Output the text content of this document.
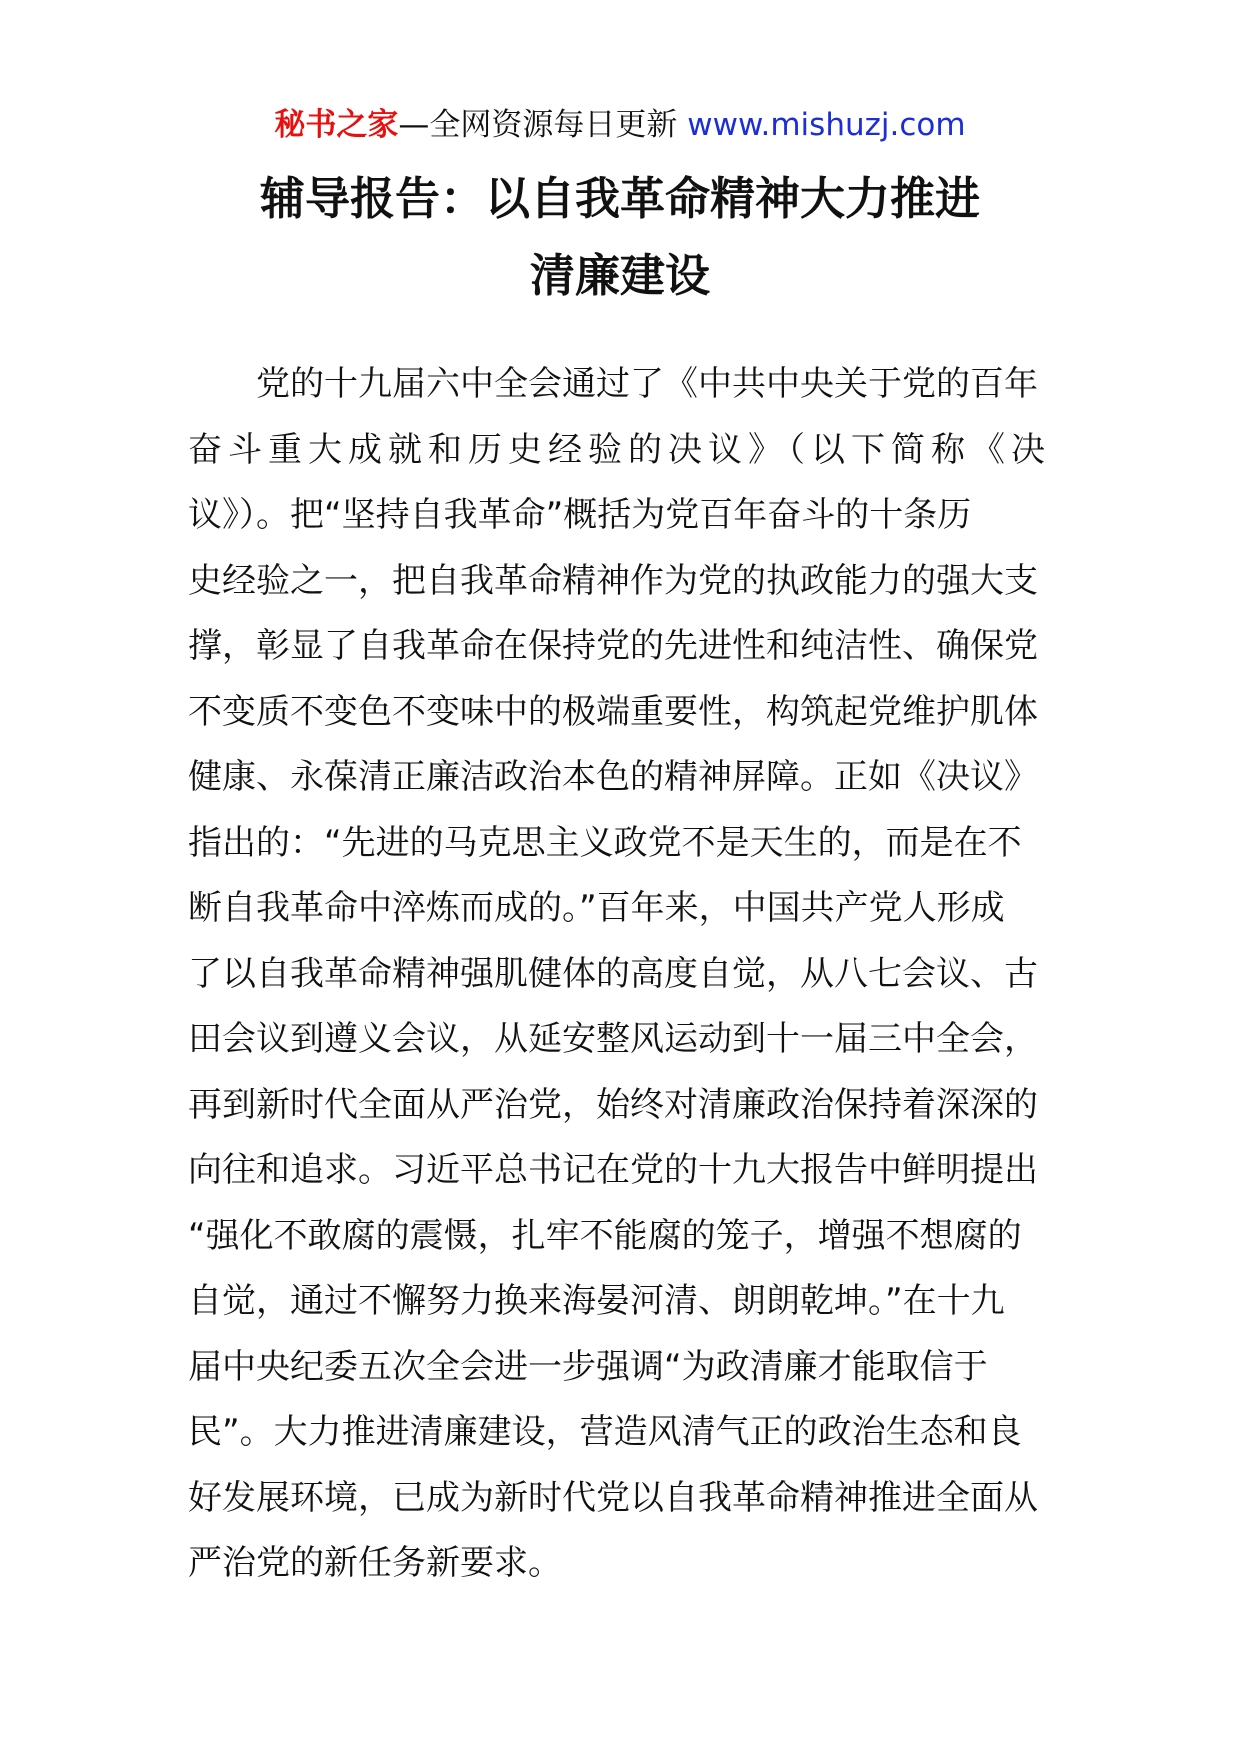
秘书之家—全网资源每日更新 www.mishuzj.com
辅导报告：以自我革命精神大力推进
清廉建设
党的十九届六中全会通过了《中共中央关于党的百年
奋斗重大成就和历史经验的决议》（以下简称《决
议》）。把“坚持自我革命”概括为党百年奋斗的十条历
史经验之一，把自我革命精神作为党的执政能力的强大支
撑，彰显了自我革命在保持党的先进性和纯洁性、确保党
不变质不变色不变味中的极端重要性，构筑起党维护肌体
健康、永葆清正廉洁政治本色的精神屏障。正如《决议》
指出的：“先进的马克思主义政党不是天生的，而是在不
断自我革命中淬炼而成的。”百年来，中国共产党人形成
了以自我革命精神强肌健体的高度自觉，从八七会议、古
田会议到遵义会议，从延安整风运动到十一届三中全会，
再到新时代全面从严治党，始终对清廉政治保持着深深的
向往和追求。习近平总书记在党的十九大报告中鲜明提出
“强化不敢腐的震慑，扎牢不能腐的笼子，增强不想腐的
自觉，通过不懈努力换来海晏河清、朗朗乾坤。”在十九
届中央纪委五次全会进一步强调“为政清廉才能取信于
民”。大力推进清廉建设，营造风清气正的政治生态和良
好发展环境，已成为新时代党以自我革命精神推进全面从
严治党的新任务新要求。
